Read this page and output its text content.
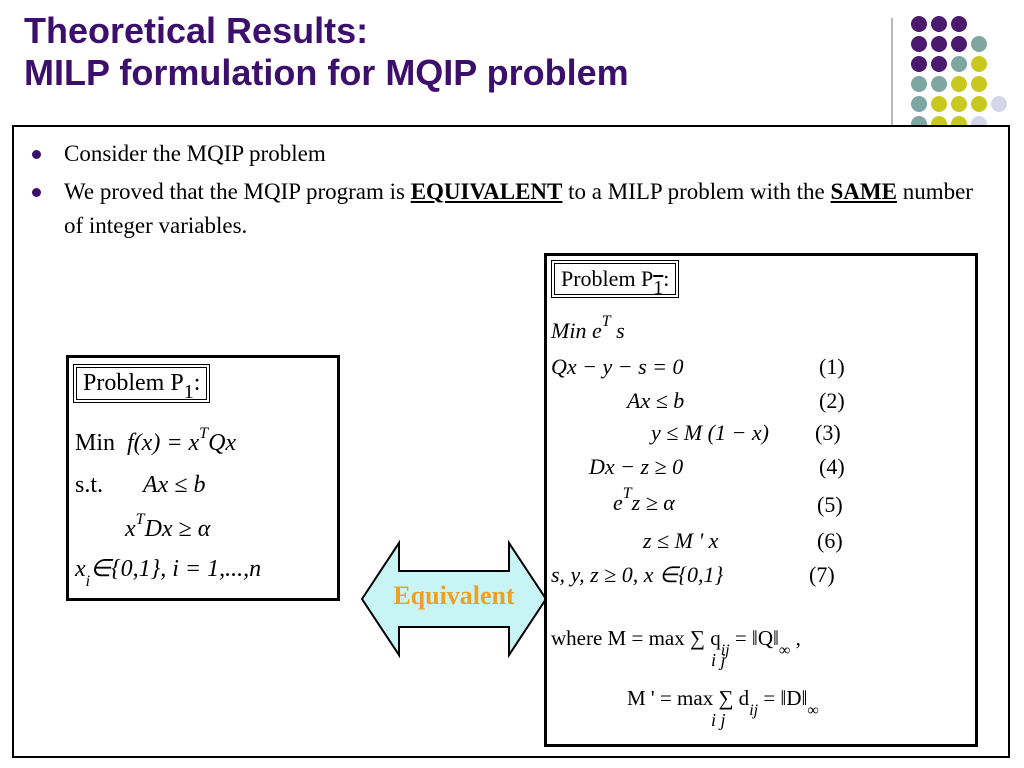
Theoretical Results:
MILP formulation for MQIP problem
Consider the MQIP problem
We proved that the MQIP program is EQUIVALENT to a MILP problem with the SAME number of integer variables.
Problem $P_1$:
Min $f(x) = x^TQx$
s.t. Ax ≤ b
$x^TDx \ge \alpha$
$x_i\in\{0,1\}$, i = 1,...,n
Equivalent
Problem P1:
Min $e^T$ s
Qx − y − s = 0	(1)
Ax ≤ b	(2)
y ≤ M (1 − x) (3)
Dx − z ≥ 0	(4)
$e^Tz \ge \alpha$	(5)
z ≤ M ' x	(6)
s, y, z ≥ 0, x ∈{0,1}	(7)
where M = max ∑ $q_{ij}$ = $‖Q‖_\infty$ ,
i j
M ' = max ∑ $d_{ij}$ = $‖D‖_\infty$
i j
